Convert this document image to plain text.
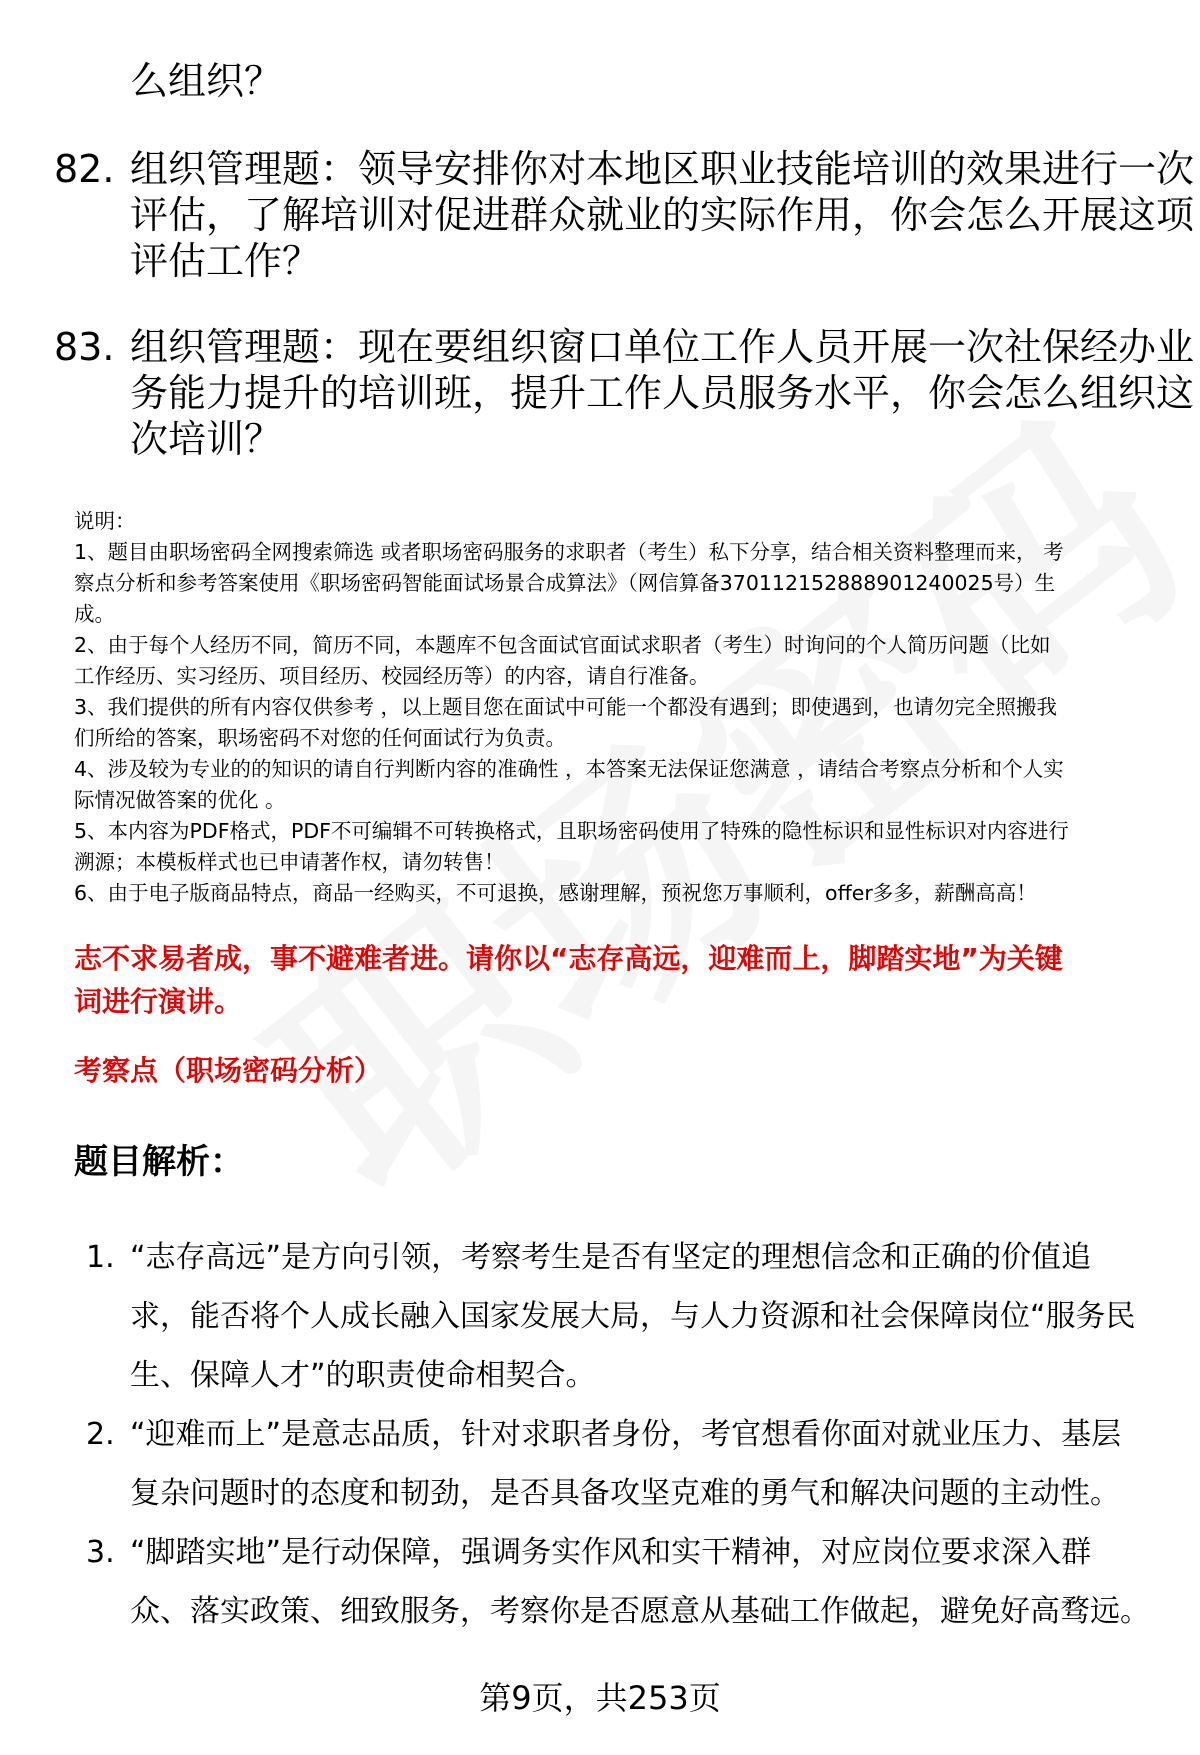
么组织？
82. 组织管理题：领导安排你对本地区职业技能培训的效果进行一次
评估，了解培训对促进群众就业的实际作用，你会怎么开展这项
评估工作？
83. 组织管理题：现在要组织窗口单位工作人员开展一次社保经办业
务能力提升的培训班，提升工作人员服务水平，你会怎么组织这
次培训？
说明：
1、题目由职场密码全网搜索筛选 或者职场密码服务的求职者（考生）私下分享，结合相关资料整理而来， 考
察点分析和参考答案使用《职场密码智能面试场景合成算法》（网信算备370112152888901240025号）生
成。
2、由于每个人经历不同，简历不同，本题库不包含面试官面试求职者（考生）时询问的个人简历问题（比如
工作经历、实习经历、项目经历、校园经历等）的内容，请自行准备。
3、我们提供的所有内容仅供参考 ，以上题目您在面试中可能一个都没有遇到；即使遇到，也请勿完全照搬我
们所给的答案，职场密码不对您的任何面试行为负责。
4、涉及较为专业的的知识的请自行判断内容的准确性 ，本答案无法保证您满意 ，请结合考察点分析和个人实
际情况做答案的优化 。
5、本内容为PDF格式，PDF不可编辑不可转换格式，且职场密码使用了特殊的隐性标识和显性标识对内容进行
溯源；本模板样式也已申请著作权，请勿转售！
6、由于电子版商品特点，商品一经购买，不可退换，感谢理解，预祝您万事顺利，offer多多，薪酬高高！
志不求易者成，事不避难者进。请你以“志存高远，迎难而上，脚踏实地”为关键
词进行演讲。
考察点（职场密码分析）
题目解析：
1. “志存高远”是方向引领，考察考生是否有坚定的理想信念和正确的价值追
求，能否将个人成长融入国家发展大局，与人力资源和社会保障岗位“服务民
生、保障人才”的职责使命相契合。
2. “迎难而上”是意志品质，针对求职者身份，考官想看你面对就业压力、基层
复杂问题时的态度和韧劲，是否具备攻坚克难的勇气和解决问题的主动性。
3. “脚踏实地”是行动保障，强调务实作风和实干精神，对应岗位要求深入群
众、落实政策、细致服务，考察你是否愿意从基础工作做起，避免好高骛远。
第9页，共253页
